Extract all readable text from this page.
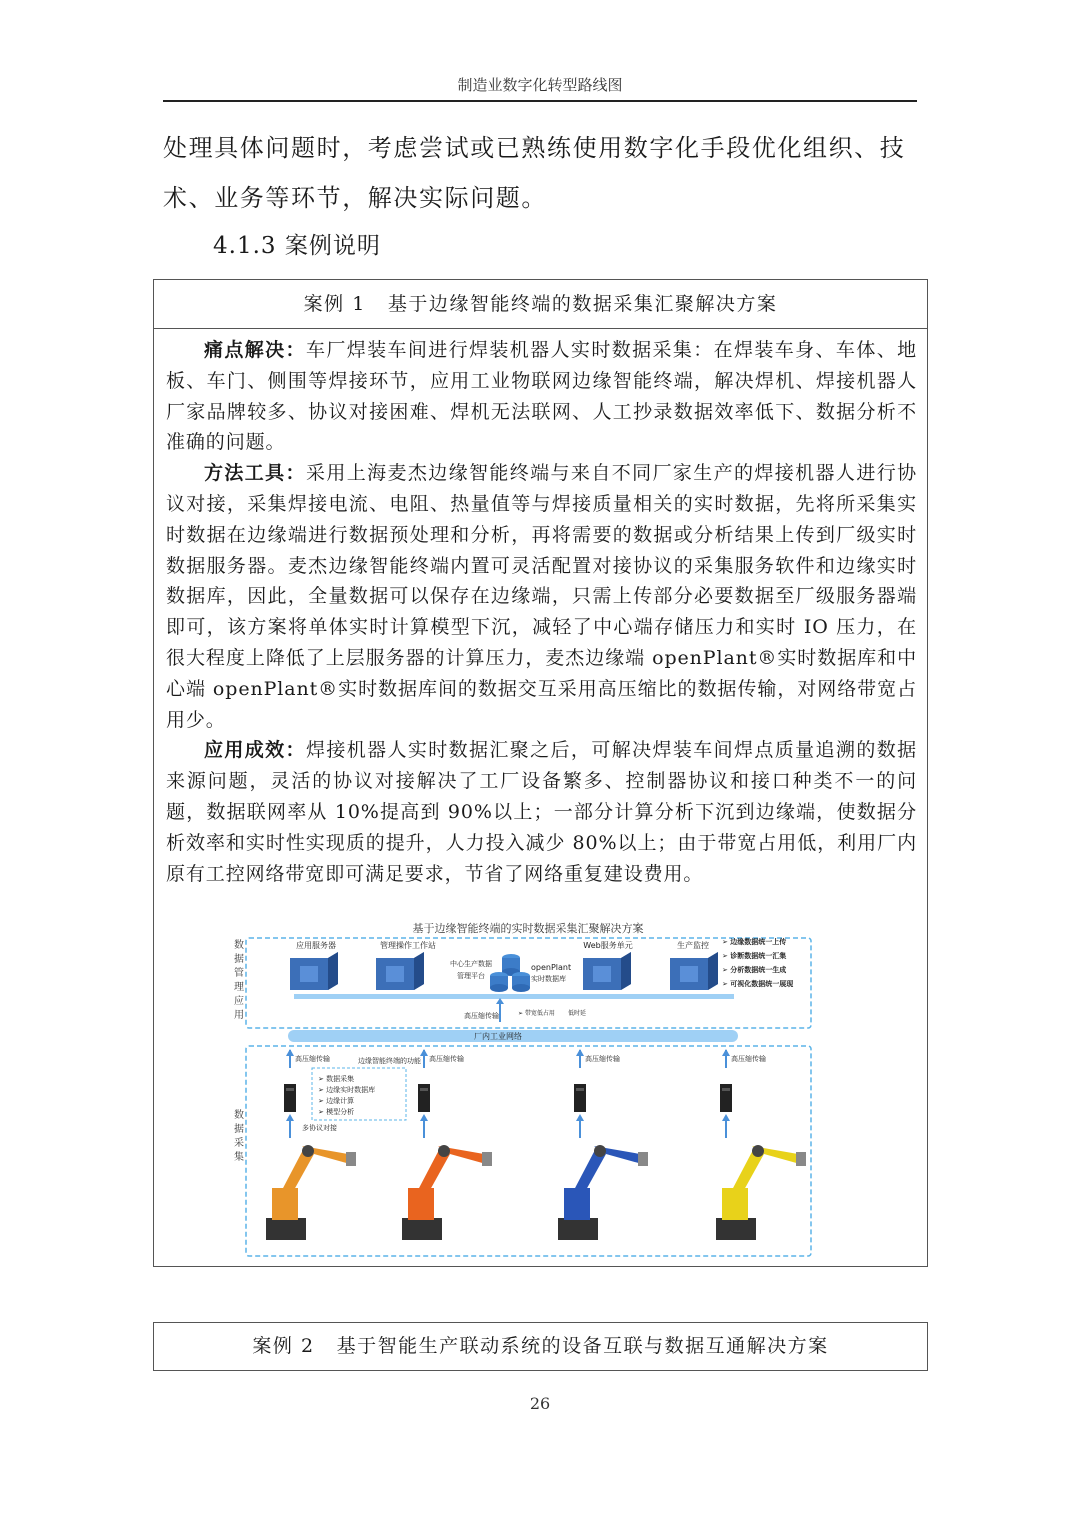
制造业数字化转型路线图
处理具体问题时，考虑尝试或已熟练使用数字化手段优化组织、技术、业务等环节，解决实际问题。
4.1.3 案例说明
案例 1 基于边缘智能终端的数据采集汇聚解决方案

痛点解决：车厂焊装车间进行焊装机器人实时数据采集：在焊装车身、车体、地板、车门、侧围等焊接环节，应用工业物联网边缘智能终端，解决焊机、焊接机器人厂家品牌较多、协议对接困难、焊机无法联网、人工抄录数据效率低下、数据分析不准确的问题。

方法工具：采用上海麦杰边缘智能终端与来自不同厂家生产的焊接机器人进行协议对接，采集焊接电流、电阻、热量值等与焊接质量相关的实时数据，先将所采集实时数据在边缘端进行数据预处理和分析，再将需要的数据或分析结果上传到厂级实时数据服务器。麦杰边缘智能终端内置可灵活配置对接协议的采集服务软件和边缘实时数据库，因此，全量数据可以保存在边缘端，只需上传部分必要数据至厂级服务器端即可，该方案将单体实时计算模型下沉，减轻了中心端存储压力和实时 IO 压力，在很大程度上降低了上层服务器的计算压力，麦杰边缘端 openPlant®实时数据库和中心端 openPlant®实时数据库间的数据交互采用高压缩比的数据传输，对网络带宽占用少。

应用成效：焊接机器人实时数据汇聚之后，可解决焊装车间焊点质量追溯的数据来源问题，灵活的协议对接解决了工厂设备繁多、控制器协议和接口种类不一的问题，数据联网率从 10%提高到 90%以上；一部分计算分析下沉到边缘端，使数据分析效率和实时性实现质的提升，人力投入减少 80%以上；由于带宽占用低，利用厂内原有工控网络带宽即可满足要求，节省了网络重复建设费用。

基于边缘智能终端的实时数据采集汇聚解决方案
数
据
管
理
应
用
数
据
采
集
应用服务器	管理操作工作站	Web服务单元	生产监控
中心生产数据
管理平台
openPlant
实时数据库
➢ 边缘数据统一上传
➢ 诊断数据统一汇集
➢ 分析数据统一生成
➢ 可视化数据统一展现
高压缩传输	➢ 带宽低占用 低时延
厂内工业网络
高压缩传输	高压缩传输	高压缩传输	高压缩传输
边缘智能终端的功能
➢ 数据采集
➢ 边缘实时数据库
➢ 边缘计算
➢ 模型分析
多协议对接
案例 2 基于智能生产联动系统的设备互联与数据互通解决方案
26
